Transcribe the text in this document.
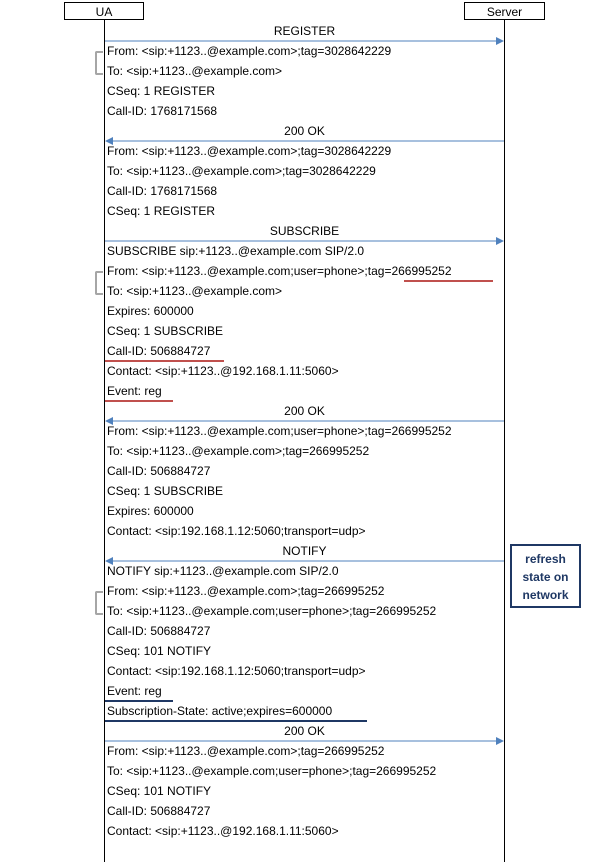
UA	Server
REGISTER
From: <sip:+1123..@example.com>;tag=3028642229
To: <sip:+1123..@example.com>
CSeq: 1 REGISTER
Call-ID: 1768171568
200 OK
From: <sip:+1123..@example.com>;tag=3028642229
To: <sip:+1123..@example.com>;tag=3028642229
Call-ID: 1768171568
CSeq: 1 REGISTER
SUBSCRIBE
SUBSCRIBE sip:+1123..@example.com SIP/2.0
From: <sip:+1123..@example.com;user=phone>;tag=266995252
To: <sip:+1123..@example.com>
Expires: 600000
CSeq: 1 SUBSCRIBE
Call-ID: 506884727
Contact: <sip:+1123..@192.168.1.11:5060>
Event: reg
200 OK
From: <sip:+1123..@example.com;user=phone>;tag=266995252
To: <sip:+1123..@example.com>;tag=266995252
Call-ID: 506884727
CSeq: 1 SUBSCRIBE
Expires: 600000
Contact: <sip:192.168.1.12:5060;transport=udp>
NOTIFY
NOTIFY sip:+1123..@example.com SIP/2.0
From: <sip:+1123..@example.com>;tag=266995252
To: <sip:+1123..@example.com;user=phone>;tag=266995252
Call-ID: 506884727
CSeq: 101 NOTIFY
Contact: <sip:192.168.1.12:5060;transport=udp>
Event: reg
Subscription-State: active;expires=600000
200 OK
From: <sip:+1123..@example.com>;tag=266995252
To: <sip:+1123..@example.com;user=phone>;tag=266995252
CSeq: 101 NOTIFY
Call-ID: 506884727
Contact: <sip:+1123..@192.168.1.11:5060>
refresh
state on
network
